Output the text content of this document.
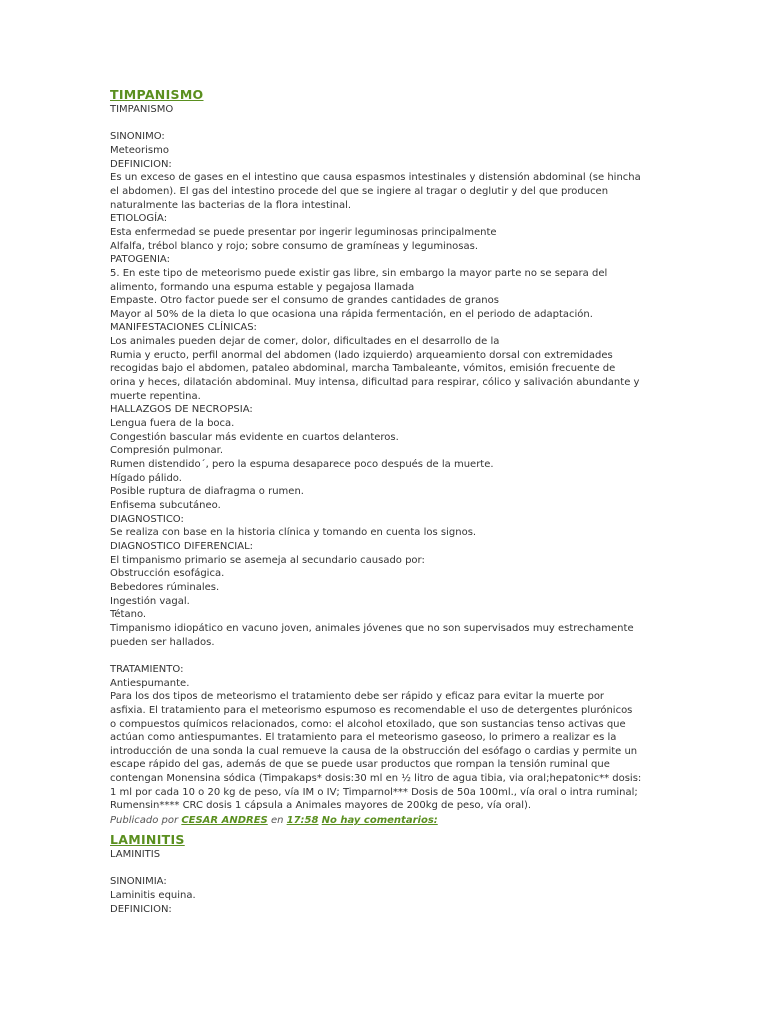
TIMPANISMO
TIMPANISMO
SINONIMO:
Meteorismo
DEFINICION:
Es un exceso de gases en el intestino que causa espasmos intestinales y distensión abdominal (se hincha
el abdomen). El gas del intestino procede del que se ingiere al tragar o deglutir y del que producen
naturalmente las bacterias de la flora intestinal.
ETIOLOGÍA:
Esta enfermedad se puede presentar por ingerir leguminosas principalmente
Alfalfa, trébol blanco y rojo; sobre consumo de gramíneas y leguminosas.
PATOGENIA:
5. En este tipo de meteorismo puede existir gas libre, sin embargo la mayor parte no se separa del
alimento, formando una espuma estable y pegajosa llamada
Empaste. Otro factor puede ser el consumo de grandes cantidades de granos
Mayor al 50% de la dieta lo que ocasiona una rápida fermentación, en el periodo de adaptación.
MANIFESTACIONES CLÍNICAS:
Los animales pueden dejar de comer, dolor, dificultades en el desarrollo de la
Rumia y eructo, perfil anormal del abdomen (lado izquierdo) arqueamiento dorsal con extremidades
recogidas bajo el abdomen, pataleo abdominal, marcha Tambaleante, vómitos, emisión frecuente de
orina y heces, dilatación abdominal. Muy intensa, dificultad para respirar, cólico y salivación abundante y
muerte repentina.
HALLAZGOS DE NECROPSIA:
Lengua fuera de la boca.
Congestión bascular más evidente en cuartos delanteros.
Compresión pulmonar.
Rumen distendido´, pero la espuma desaparece poco después de la muerte.
Hígado pálido.
Posible ruptura de diafragma o rumen.
Enfisema subcutáneo.
DIAGNOSTICO:
Se realiza con base en la historia clínica y tomando en cuenta los signos.
DIAGNOSTICO DIFERENCIAL:
El timpanismo primario se asemeja al secundario causado por:
Obstrucción esofágica.
Bebedores rúminales.
Ingestión vagal.
Tétano.
Timpanismo idiopático en vacuno joven, animales jóvenes que no son supervisados muy estrechamente
pueden ser hallados.
TRATAMIENTO:
Antiespumante.
Para los dos tipos de meteorismo el tratamiento debe ser rápido y eficaz para evitar la muerte por
asfixia. El tratamiento para el meteorismo espumoso es recomendable el uso de detergentes plurónicos
o compuestos químicos relacionados, como: el alcohol etoxilado, que son sustancias tenso activas que
actúan como antiespumantes. El tratamiento para el meteorismo gaseoso, lo primero a realizar es la
introducción de una sonda la cual remueve la causa de la obstrucción del esófago o cardias y permite un
escape rápido del gas, además de que se puede usar productos que rompan la tensión ruminal que
contengan Monensina sódica (Timpakaps* dosis:30 ml en ½ litro de agua tibia, via oral;hepatonic** dosis:
1 ml por cada 10 o 20 kg de peso, vía IM o IV; Timparnol*** Dosis de 50a 100ml., vía oral o intra ruminal;
Rumensin**** CRC dosis 1 cápsula a Animales mayores de 200kg de peso, vía oral).
Publicado por CESAR ANDRES en 17:58 No hay comentarios:
LAMINITIS
LAMINITIS
SINONIMIA:
Laminitis equina.
DEFINICION:
